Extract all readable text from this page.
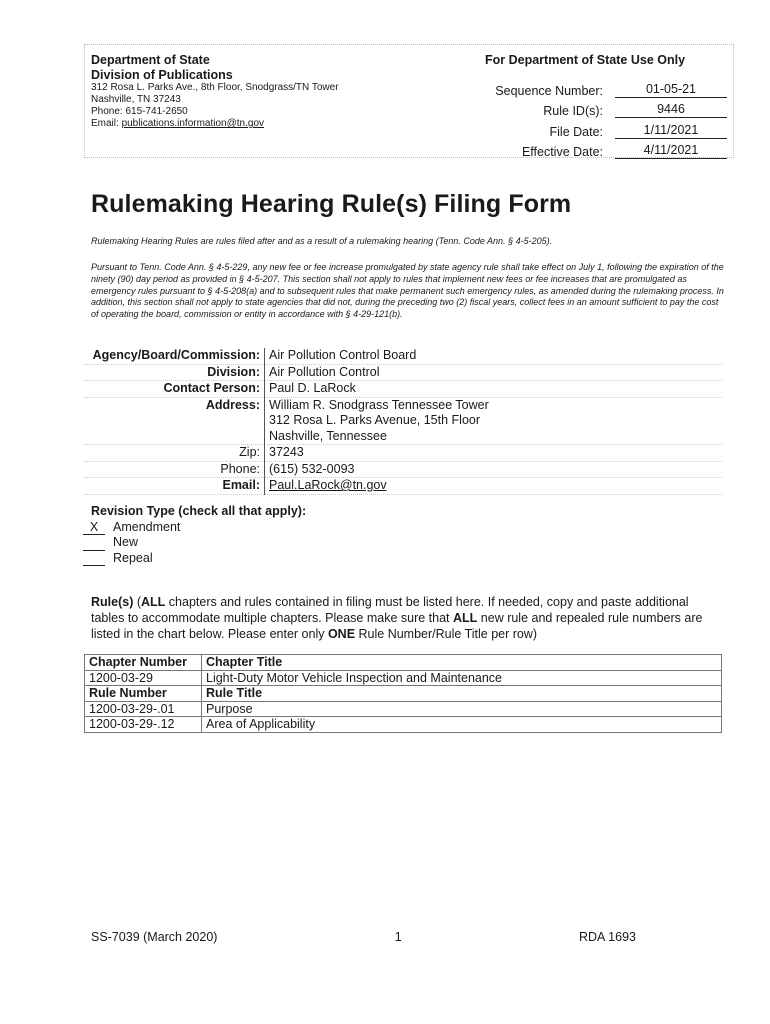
Department of State
Division of Publications
312 Rosa L. Parks Ave., 8th Floor, Snodgrass/TN Tower
Nashville, TN 37243
Phone: 615-741-2650
Email: publications.information@tn.gov
For Department of State Use Only
Sequence Number:	01-05-21
Rule ID(s):	9446
File Date:	1/11/2021
Effective Date:	4/11/2021
Rulemaking Hearing Rule(s) Filing Form
Rulemaking Hearing Rules are rules filed after and as a result of a rulemaking hearing (Tenn. Code Ann. § 4-5-205).
Pursuant to Tenn. Code Ann. § 4-5-229, any new fee or fee increase promulgated by state agency rule shall take effect on July 1, following the expiration of the ninety (90) day period as provided in § 4-5-207. This section shall not apply to rules that implement new fees or fee increases that are promulgated as emergency rules pursuant to § 4-5-208(a) and to subsequent rules that make permanent such emergency rules, as amended during the rulemaking process. In addition, this section shall not apply to state agencies that did not, during the preceding two (2) fiscal years, collect fees in an amount sufficient to pay the cost of operating the board, commission or entity in accordance with § 4-29-121(b).
Agency/Board/Commission:	Air Pollution Control Board
Division:	Air Pollution Control
Contact Person:	Paul D. LaRock
Address:	William R. Snodgrass Tennessee Tower
312 Rosa L. Parks Avenue, 15th Floor
Nashville, Tennessee

Zip:	37243
Phone:	(615) 532-0093
Email:	Paul.LaRock@tn.gov
Revision Type (check all that apply):
X	Amendment
New
Repeal
Rule(s) (ALL chapters and rules contained in filing must be listed here. If needed, copy and paste additional tables to accommodate multiple chapters. Please make sure that ALL new rule and repealed rule numbers are listed in the chart below. Please enter only ONE Rule Number/Rule Title per row)
Chapter Number	Chapter Title
1200-03-29	Light-Duty Motor Vehicle Inspection and Maintenance
Rule Number	Rule Title
1200-03-29-.01	Purpose
1200-03-29-.12	Area of Applicability
SS-7039 (March 2020)	1	RDA 1693
